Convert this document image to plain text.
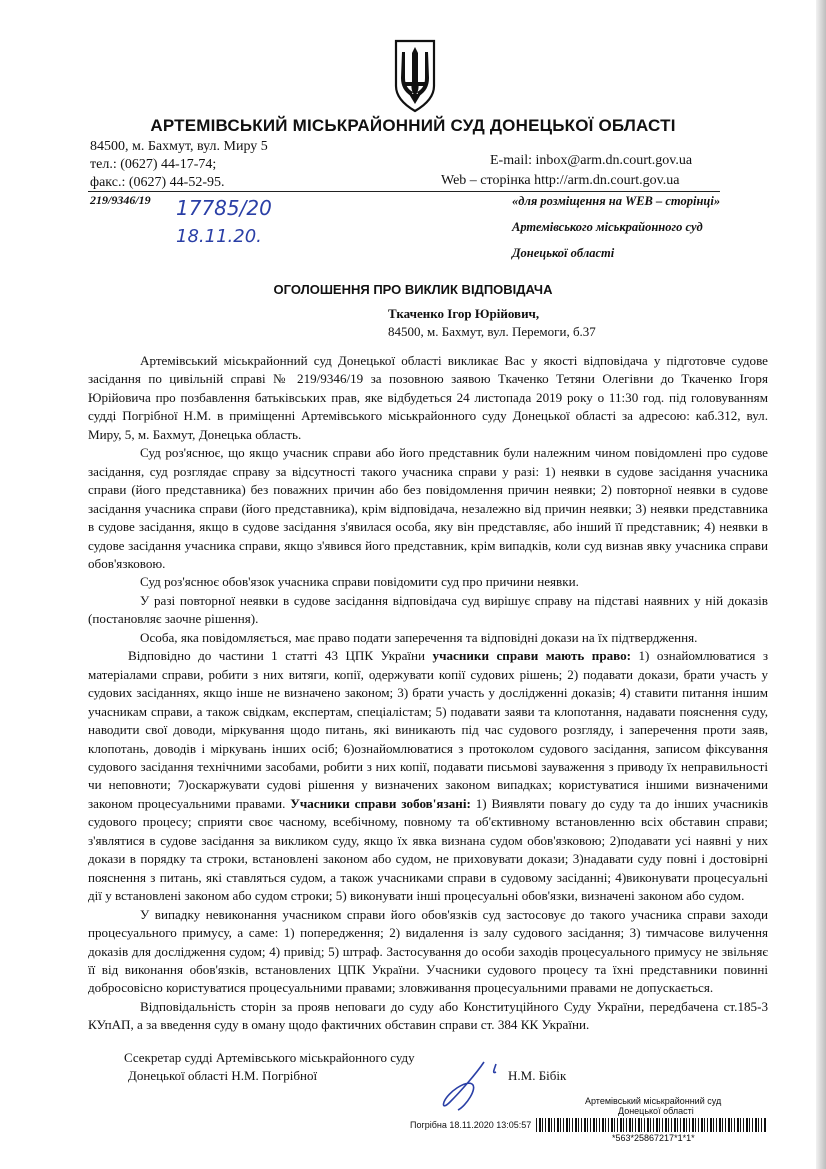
АРТЕМІВСЬКИЙ МІСЬКРАЙОННИЙ СУД ДОНЕЦЬКОЇ ОБЛАСТІ
84500, м. Бахмут, вул. Миру 5
тел.: (0627) 44-17-74;
факс.: (0627) 44-52-95.
E-mail: inbox@arm.dn.court.gov.ua
Web – сторінка http://arm.dn.court.gov.ua
219/9346/19 17785/20
18.11.20.
«для розміщення на WEB – сторінці»
Артемівського міськрайонного суд
Донецької області
ОГОЛОШЕННЯ ПРО ВИКЛИК ВІДПОВІДАЧА
Ткаченко Ігор Юрійович,
84500, м. Бахмут, вул. Перемоги, б.37

Артемівський міськрайонний суд Донецької області викликає Вас у якості відповідача у підготовче судове засідання по цивільній справі № 219/9346/19 за позовною заявою Ткаченко Тетяни Олегівни до Ткаченко Ігоря Юрійовича про позбавлення батьківських прав, яке відбудеться 24 листопада 2019 року о 11:30 год. під головуванням судді Погрібної Н.М. в приміщенні Артемівського міськрайонного суду Донецької області за адресою: каб.312, вул. Миру, 5, м. Бахмут, Донецька область.

Суд роз'яснює, що якщо учасник справи або його представник були належним чином повідомлені про судове засідання, суд розглядає справу за відсутності такого учасника справи у разі: 1) неявки в судове засідання учасника справи (його представника) без поважних причин або без повідомлення причин неявки; 2) повторної неявки в судове засідання учасника справи (його представника), крім відповідача, незалежно від причин неявки; 3) неявки представника в судове засідання, якщо в судове засідання з'явилася особа, яку він представляє, або інший її представник; 4) неявки в судове засідання учасника справи, якщо з'явився його представник, крім випадків, коли суд визнав явку учасника справи обов'язковою.

Суд роз'яснює обов'язок учасника справи повідомити суд про причини неявки.

У разі повторної неявки в судове засідання відповідача суд вирішує справу на підставі наявних у ній доказів (постановляє заочне рішення).

Особа, яка повідомляється, має право подати заперечення та відповідні докази на їх підтвердження.

Відповідно до частини 1 статті 43 ЦПК України учасники справи мають право: 1) ознайомлюватися з матеріалами справи, робити з них витяги, копії, одержувати копії судових рішень; 2) подавати докази, брати участь у судових засіданнях, якщо інше не визначено законом; 3) брати участь у дослідженні доказів; 4) ставити питання іншим учасникам справи, а також свідкам, експертам, спеціалістам; 5) подавати заяви та клопотання, надавати пояснення суду, наводити свої доводи, міркування щодо питань, які виникають під час судового розгляду, і заперечення проти заяв, клопотань, доводів і міркувань інших осіб; 6)ознайомлюватися з протоколом судового засідання, записом фіксування судового засідання технічними засобами, робити з них копії, подавати письмові зауваження з приводу їх неправильності чи неповноти; 7)оскаржувати судові рішення у визначених законом випадках; користуватися іншими визначеними законом процесуальними правами. Учасники справи зобов'язані: 1) Виявляти повагу до суду та до інших учасників судового процесу; сприяти своє часному, всебічному, повному та об'єктивному встановленню всіх обставин справи; з'являтися в судове засідання за викликом суду, якщо їх явка визнана судом обов'язковою; 2)подавати усі наявні у них докази в порядку та строки, встановлені законом або судом, не приховувати докази; 3)надавати суду повні і достовірні пояснення з питань, які ставляться судом, а також учасниками справи в судовому засіданні; 4)виконувати процесуальні дії у встановлені законом або судом строки; 5) виконувати інші процесуальні обов'язки, визначені законом або судом.

У випадку невиконання учасником справи його обов'язків суд застосовує до такого учасника справи заходи процесуального примусу, а саме: 1) попередження; 2) видалення із залу судового засідання; 3) тимчасове вилучення доказів для дослідження судом; 4) привід; 5) штраф. Застосування до особи заходів процесуального примусу не звільняє її від виконання обов'язків, встановлених ЦПК України. Учасники судового процесу та їхні представники повинні добросовісно користуватися процесуальними правами; зловживання процесуальними правами не допускається.

Відповідальність сторін за прояв неповаги до суду або Конституційного Суду України, передбачена ст.185-3 КУпАП, а за введення суду в оману щодо фактичних обставин справи ст. 384 КК України.

Ссекретар судді Артемівського міськрайонного суду
Донецької області Н.М. Погрібної	Н.М. Бібік
Артемівський міськрайонний суд
Донецької області
Погрібна 18.11.2020 13:05:57
*563*25867217*1*1*
